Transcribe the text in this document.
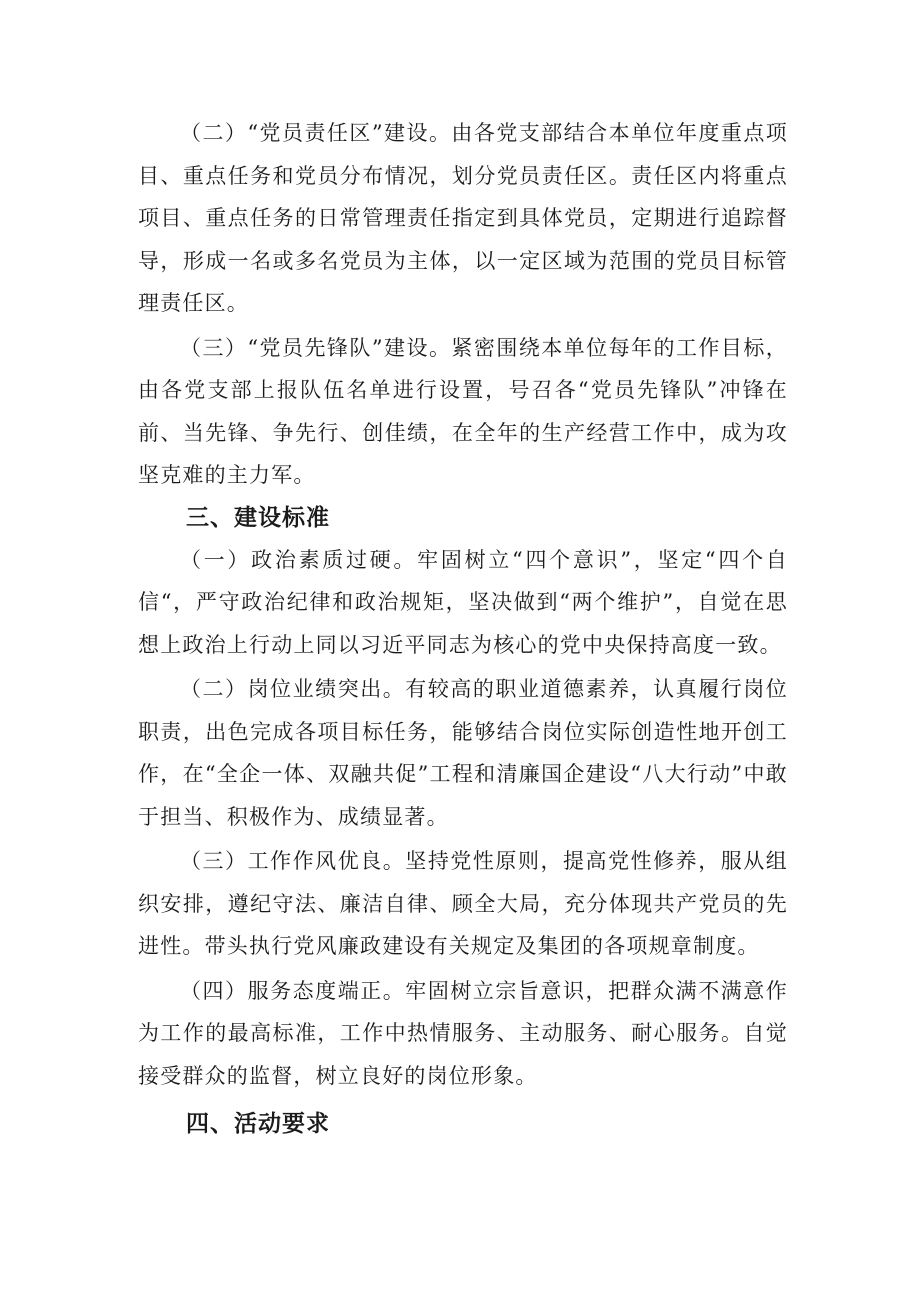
（二）“党员责任区”建设。由各党支部结合本单位年度重点项目、重点任务和党员分布情况，划分党员责任区。责任区内将重点项目、重点任务的日常管理责任指定到具体党员，定期进行追踪督导，形成一名或多名党员为主体，以一定区域为范围的党员目标管理责任区。

（三）“党员先锋队”建设。紧密围绕本单位每年的工作目标，由各党支部上报队伍名单进行设置，号召各“党员先锋队”冲锋在前、当先锋、争先行、创佳绩，在全年的生产经营工作中，成为攻坚克难的主力军。

三、建设标准

（一）政治素质过硬。牢固树立“四个意识”，坚定“四个自信“，严守政治纪律和政治规矩，坚决做到“两个维护”，自觉在思想上政治上行动上同以习近平同志为核心的党中央保持高度一致。

（二）岗位业绩突出。有较高的职业道德素养，认真履行岗位职责，出色完成各项目标任务，能够结合岗位实际创造性地开创工作，在“全企一体、双融共促”工程和清廉国企建设“八大行动”中敢于担当、积极作为、成绩显著。

（三）工作作风优良。坚持党性原则，提高党性修养，服从组织安排，遵纪守法、廉洁自律、顾全大局，充分体现共产党员的先进性。带头执行党风廉政建设有关规定及集团的各项规章制度。

（四）服务态度端正。牢固树立宗旨意识，把群众满不满意作为工作的最高标准，工作中热情服务、主动服务、耐心服务。自觉接受群众的监督，树立良好的岗位形象。

四、活动要求
